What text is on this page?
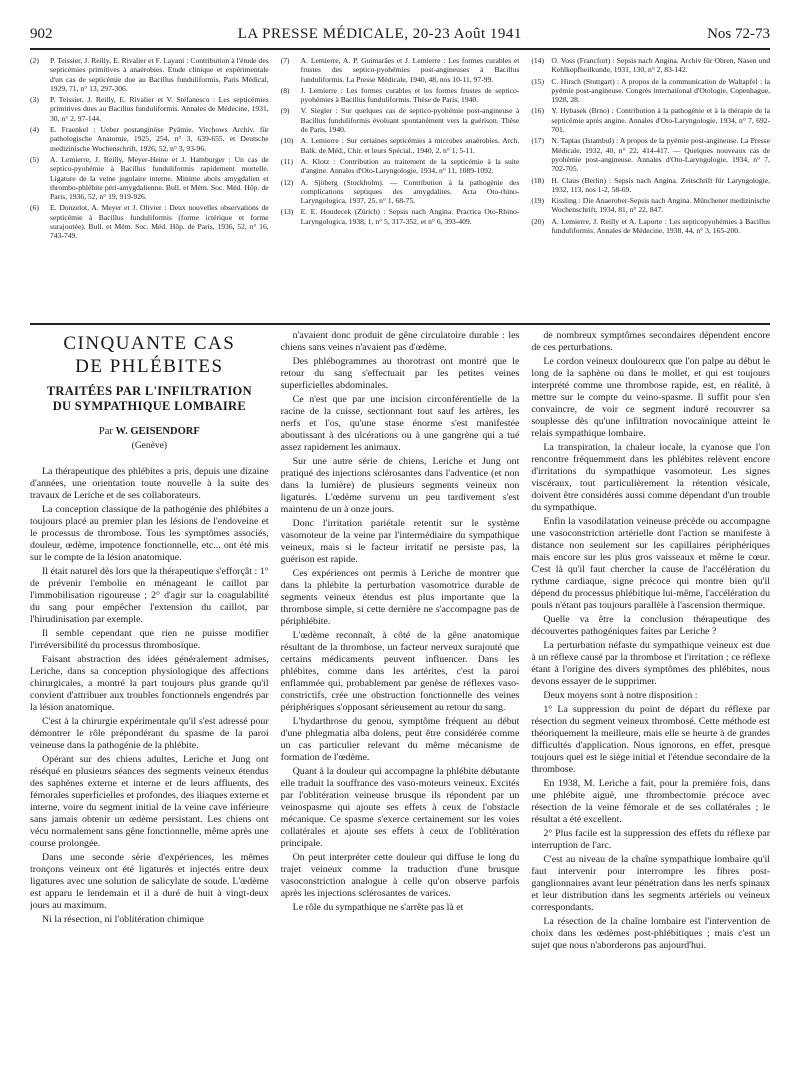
902	LA PRESSE MÉDICALE, 20-23 Août 1941	Nos 72-73
(2)	P. Teissier, J. Reilly, E. Rivalier et F. Layani : Contribution à l'étude des septicémies primitives à anaérobies. Etude clinique et expérimentale d'un cas de septicémie due au Bacillus funduliformis. Paris Médical, 1929, 71, n° 13, 297-306.
(3)	P. Teissier, J. Reilly, E. Rivalier et V. Stéfanesco : Les septicémies primitives dues au Bacillus funduliformis. Annales de Médecine, 1931, 30, n° 2, 97-144.
(4)	E. Fraenkel : Ueber postanginöse Pyämie. Virchows Archiv. für pathologische Anatomie, 1925, 254, n° 3, 639-655, et Deutsche medizinische Wochenschrift, 1926, 52, n° 3, 93-96.
(5)	A. Lemierre, J. Reilly, Meyer-Heine et J. Hamburger : Un cas de septico-pyohémie à Bacillus funduliformis rapidement mortelle. Ligature de la veine jugulaire interne. Minime abcès amygdalien et thrombo-phlébite péri-amygdalienne. Bull. et Mém. Soc. Méd. Hôp. de Paris, 1936, 52, n° 19, 919-926.
(6)	E. Donzelot, A. Meyer et J. Olivier : Deux nouvelles observations de septicémie à Bacillus funduliformis (forme ictérique et forme surajoutée). Bull. et Mém. Soc. Méd. Hôp. de Paris, 1936, 52, n° 16, 743-749.
(7)	A. Lemierre, A. P. Guimarães et J. Lemierre : Les formes curables et frustes des septico-pyohémies post-angineuses à Bacillus funduliformis. La Presse Médicale, 1940, 48, nos 10-11, 97-99.
(8)	J. Lemierre : Les formes curables et les formes frustes de septico-pyohémies à Bacillus funduliformis. Thèse de Paris, 1940.
(9)	V. Siegler : Sur quelques cas de septico-pyohémie post-angineuse à Bacillus funduliformis évoluant spontanément vers la guérison. Thèse de Paris, 1940.
(10) A. Lemierre : Sur certaines septicémies à microbes anaérobies. Arch. Balk. de Méd., Chir. et leurs Spécial., 1940, 2, n° 1, 5-11.
(11)	A. Klotz : Contribution au traitement de la septicémie à la suite d'angine. Annales d'Oto-Laryngologie, 1934, n° 11, 1089-1092.
(12) A. Sjöberg (Stockholm). — Contribution à la pathogénie des complications septiques des amygdalites. Acta Oto-rhino-Laryngologica, 1937, 25, n° 1, 68-75.
(13) E. E. Houdecek (Zürich) : Sepsis nach Angina. Practica Oto-Rhino-Laryngologica, 1938, 1, n° 5, 317-352, et n° 6, 393-409.
(14) O. Voss (Francfort) : Sepsis nach Angina. Archiv für Ohren, Nasen und Kehlkopfheilkunde, 1931, 130, n° 2, 83-142.
(15) C. Hirsch (Stuttgart) : A propos de la communication de Waltapfel : la pyémie post-angineuse. Congrès international d'Otologie, Copenhague, 1928, 28.
(16) Y. Hybasek (Brno) : Contribution à la pathogénie et à la thérapie de la septicémie après angine. Annales d'Oto-Laryngologie, 1934, n° 7, 692-701.
(17) N. Taptas (Istambul) : A propos de la pyémie post-angineuse. La Presse Médicale, 1932, 40, n° 22, 414-417. — Quelques nouveaux cas de pyohémie post-angineuse. Annales d'Oto-Laryngologie, 1934, n° 7, 702-705.
(18) H. Claus (Berlin) : Sepsis nach Angina. Zeitschrift für Laryngologie, 1932, 113, nos 1-2, 58-69.
(19) Kissling : Die Anaerober-Sepsis nach Angina. Münchener medizinische Wochenschrift, 1934, 81, n° 22, 847.
(20) A. Lemierre, J. Reilly et A. Laporte : Les septicopyohémies à Bacillus funduliformis. Annales de Médecine, 1938, 44, n° 3, 165-200.
CINQUANTE CAS
DE PHLÉBITES
TRAITÉES PAR L'INFILTRATION
DU SYMPATHIQUE LOMBAIRE
Par W. GEISENDORF
(Genève)

La thérapeutique des phlébites a pris, depuis une dizaine d'années, une orientation toute nouvelle à la suite des travaux de Leriche et de ses collaborateurs.

La conception classique de la pathogénie des phlébites a toujours placé au premier plan les lésions de l'endoveine et le processus de thrombose. Tous les symptômes associés, douleur, œdème, impotence fonctionnelle, etc... ont été mis sur le compte de la lésion anatomique.

Il était naturel dès lors que la thérapeutique s'efforçât : 1° de prévenir l'embolie en ménageant le caillot par l'immobilisation rigoureuse ; 2° d'agir sur la coagulabilité du sang pour empêcher l'extension du caillot, par l'hirudinisation par exemple.

Il semble cependant que rien ne puisse modifier l'irréversibilité du processus thrombosique.

Faisant abstraction des idées généralement admises, Leriche, dans sa conception physiologique des affections chirurgicales, a montré la part toujours plus grande qu'il convient d'attribuer aux troubles fonctionnels engendrés par la lésion anatomique.

C'est à la chirurgie expérimentale qu'il s'est adressé pour démontrer le rôle prépondérant du spasme de la paroi veineuse dans la pathogénie de la phlébite.

Opérant sur des chiens adultes, Leriche et Jung ont réséqué en plusieurs séances des segments veineux étendus des saphènes externe et interne et de leurs affluents, des fémorales superficielles et profondes, des iliaques externe et interne, voire du segment initial de la veine cave inférieure sans jamais obtenir un œdème persistant. Les chiens ont vécu normalement sans gêne fonctionnelle, même après une course prolongée.

Dans une seconde série d'expériences, les mêmes tronçons veineux ont été ligaturés et injectés entre deux ligatures avec une solution de salicylate de soude. L'œdème est apparu le lendemain et il a duré de huit à vingt-deux jours au maximum.

Ni la résection, ni l'oblitération chimique

n'avaient donc produit de gêne circulatoire durable : les chiens sans veines n'avaient pas d'œdème.

Des phlébogrammes au thorotrast ont montré que le retour du sang s'effectuait par les petites veines superficielles abdominales.

Ce n'est que par une incision circonférentielle de la racine de la cuisse, sectionnant tout sauf les artères, les nerfs et l'os, qu'une stase énorme s'est manifestée aboutissant à des ulcérations ou à une gangrène qui a tué assez rapidement les animaux.

Sur une autre série de chiens, Leriche et Jung ont pratiqué des injections sclérosantes dans l'adventice (et non dans la lumière) de plusieurs segments veineux non ligaturés. L'œdème survenu un peu tardivement s'est maintenu de un à onze jours.

Donc l'irritation pariétale retentit sur le système vasomoteur de la veine par l'intermédiaire du sympathique veineux, mais si le facteur irritatif ne persiste pas, la guérison est rapide.

Ces expériences ont permis à Leriche de montrer que dans la phlébite la perturbation vasomotrice durable de segments veineux étendus est plus importante que la thrombose simple, si cette dernière ne s'accompagne pas de périphlébite.

L'œdème reconnaît, à côté de la gêne anatomique résultant de la thrombose, un facteur nerveux surajouté que certains médicaments peuvent influencer. Dans les phlébites, comme dans les artérites, c'est la paroi enflammée qui, probablement par genèse de réflexes vaso-constrictifs, crée une obstruction fonctionnelle des veines périphériques s'opposant sérieusement au retour du sang.

L'hydarthrose du genou, symptôme fréquent au début d'une phlegmatia alba dolens, peut être considérée comme un cas particulier relevant du même mécanisme de formation de l'œdème.

Quant à la douleur qui accompagne la phlébite débutante elle traduit la souffrance des vaso-moteurs veineux. Excités par l'oblitération veineuse brusque ils répondent par un veinospasme qui ajoute ses effets à ceux de l'obstacle mécanique. Ce spasme s'exerce certainement sur les voies collatérales et ajoute ses effets à ceux de l'oblitération principale.

On peut interpréter cette douleur qui diffuse le long du trajet veineux comme la traduction d'une brusque vasoconstriction analogue à celle qu'on observe parfois après les injections sclérosantes de varices.

Le rôle du sympathique ne s'arrête pas là et

de nombreux symptômes secondaires dépendent encore de ces perturbations.

Le cordon veineux douloureux que l'on palpe au début le long de la saphène ou dans le mollet, et qui est toujours interprété comme une thrombose rapide, est, en réalité, à mettre sur le compte du veino-spasme. Il suffit pour s'en convaincre, de voir ce segment induré recouvrer sa souplesse dès qu'une infiltration novocaïnique atteint le relais sympathique lombaire.

La transpiration, la chaleur locale, la cyanose que l'on rencontre fréquemment dans les phlébites relèvent encore d'irritations du sympathique vasomoteur. Les signes viscéraux, tout particulièrement la rétention vésicale, doivent être considérés aussi comme dépendant d'un trouble du sympathique.

Enfin la vasodilatation veineuse précède ou accompagne une vasoconstriction artérielle dont l'action se manifeste à distance non seulement sur les capillaires périphériques mais encore sur les plus gros vaisseaux et même le cœur. C'est là qu'il faut chercher la cause de l'accélération du rythme cardiaque, signe précoce qui montre bien qu'il dépend du processus phlébitique lui-même, l'accélération du pouls n'étant pas toujours parallèle à l'ascension thermique.

Quelle va être la conclusion thérapeutique des découvertes pathogéniques faites par Leriche ?

La perturbation néfaste du sympathique veineux est due à un réflexe causé par la thrombose et l'irritation ; ce réflexe étant à l'origine des divers symptômes des phlébites, nous devons essayer de le supprimer.

Deux moyens sont à notre disposition :

1° La suppression du point de départ du réflexe par résection du segment veineux thrombosé. Cette méthode est théoriquement la meilleure, mais elle se heurte à de grandes difficultés d'application. Nous ignorons, en effet, presque toujours quel est le siège initial et l'étendue secondaire de la thrombose.

En 1938, M. Leriche a fait, pour la première fois, dans une phlébite aiguë, une thrombectomie précoce avec résection de la veine fémorale et de ses collatérales ; le résultat a été excellent.

2° Plus facile est la suppression des effets du réflexe par interruption de l'arc.

C'est au niveau de la chaîne sympathique lombaire qu'il faut intervenir pour interrompre les fibres post-ganglionnaires avant leur pénétration dans les nerfs spinaux et leur distribution dans les segments artériels ou veineux correspondants.

La résection de la chaîne lombaire est l'intervention de choix dans les œdèmes post-phlébitiques ; mais c'est un sujet que nous n'aborderons pas aujourd'hui.
